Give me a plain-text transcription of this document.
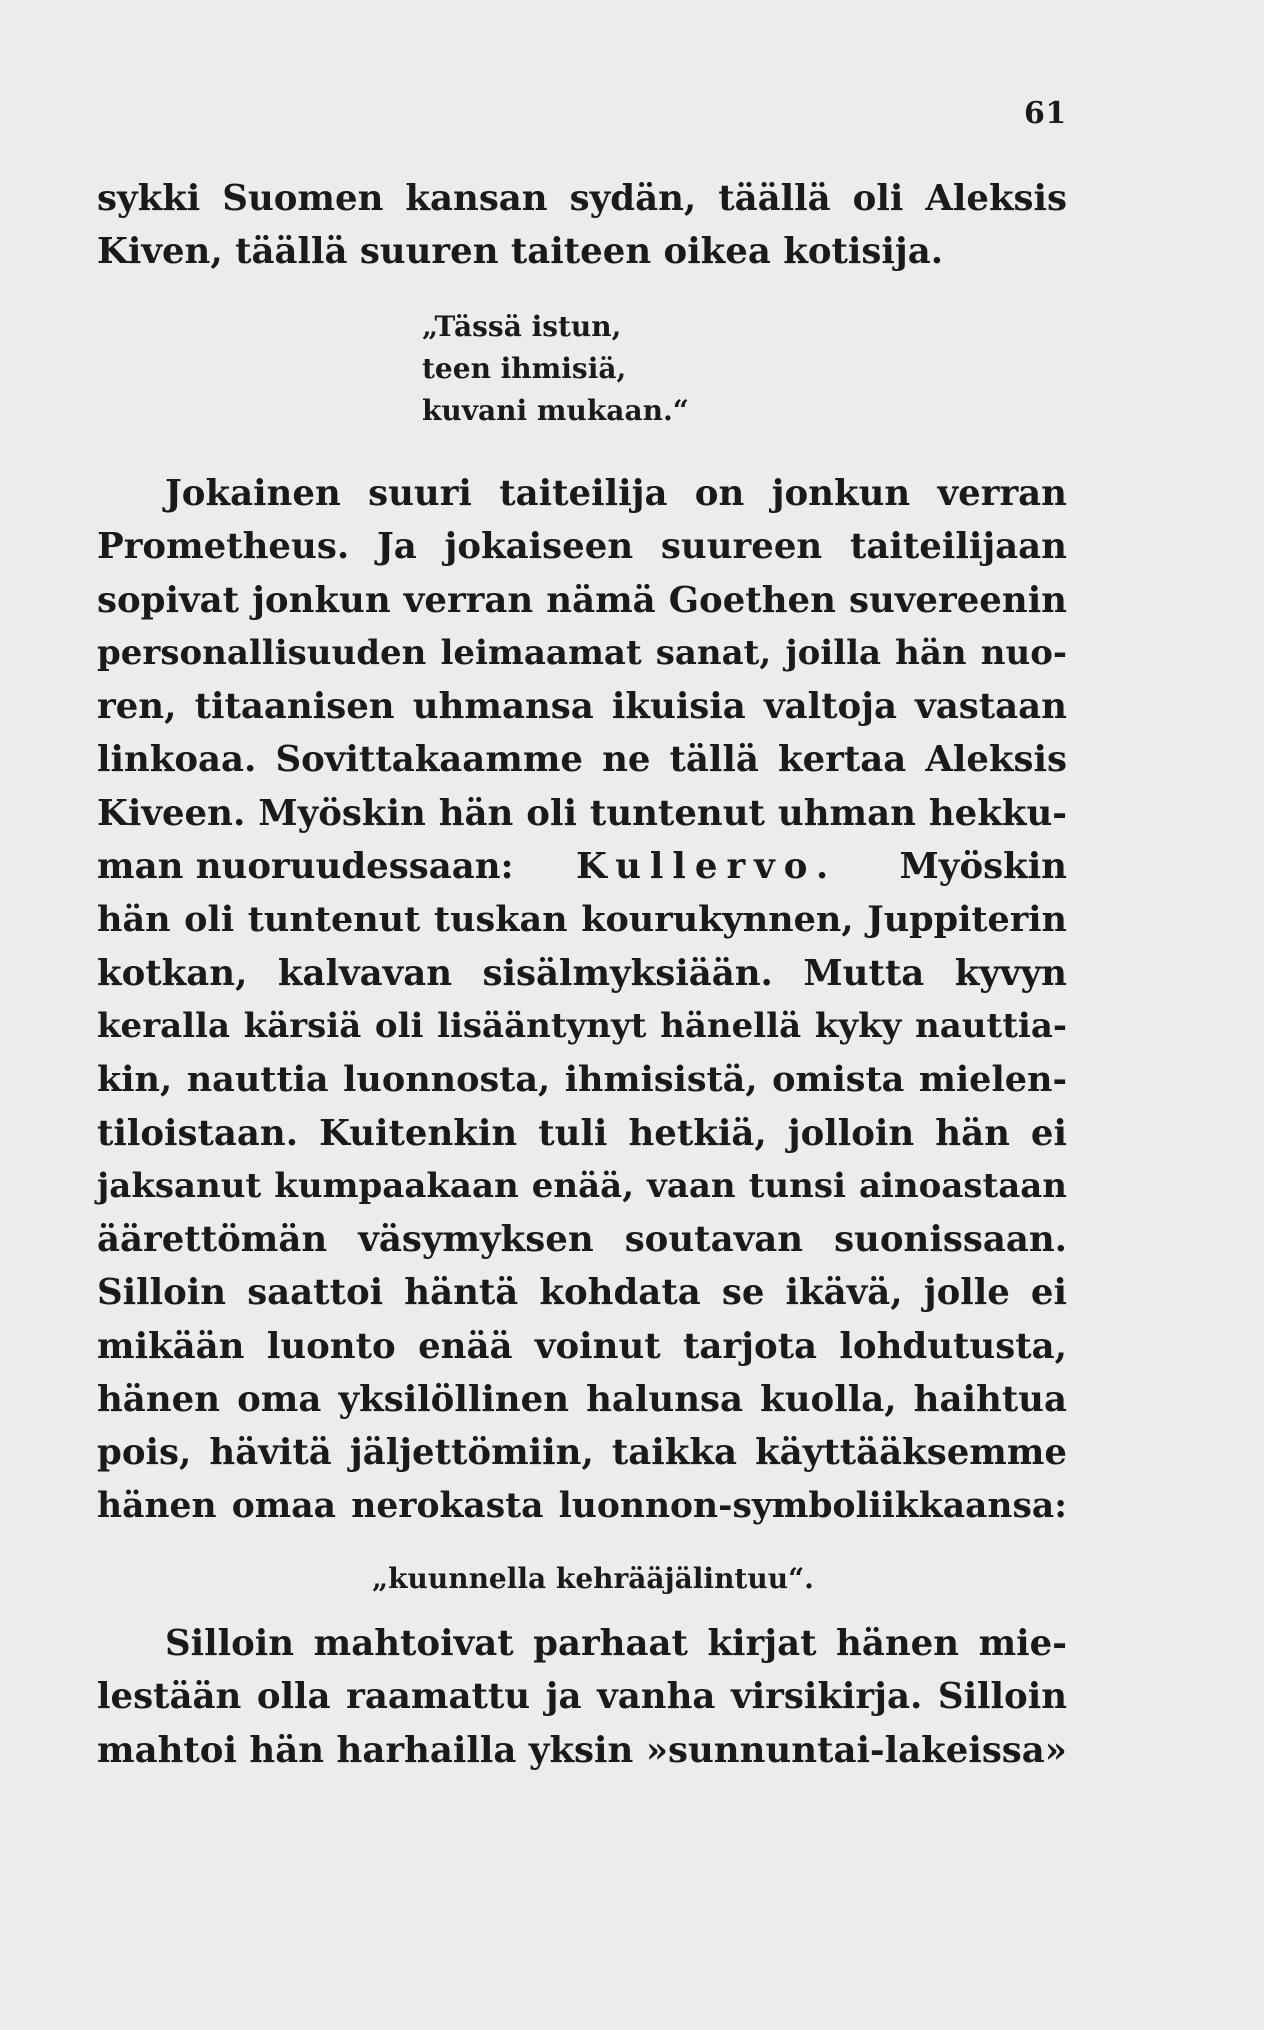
61
sykki Suomen kansan sydän, täällä oli Aleksis
Kiven, täällä suuren taiteen oikea kotisija.
„Tässä istun,
teen ihmisiä,
kuvani mukaan.“
Jokainen suuri taiteilija on jonkun verran
Prometheus. Ja jokaiseen suureen taiteilijaan
sopivat jonkun verran nämä Goethen suvereenin
personallisuuden leimaamat sanat, joilla hän nuo-
ren, titaanisen uhmansa ikuisia valtoja vastaan
linkoaa. Sovittakaamme ne tällä kertaa Aleksis
Kiveen. Myöskin hän oli tuntenut uhman hekku-
man nuoruudessaan: Kullervo. Myöskin
hän oli tuntenut tuskan kourukynnen, Juppiterin
kotkan, kalvavan sisälmyksiään. Mutta kyvyn
keralla kärsiä oli lisääntynyt hänellä kyky nauttia-
kin, nauttia luonnosta, ihmisistä, omista mielen-
tiloistaan. Kuitenkin tuli hetkiä, jolloin hän ei
jaksanut kumpaakaan enää, vaan tunsi ainoastaan
äärettömän väsymyksen soutavan suonissaan.
Silloin saattoi häntä kohdata se ikävä, jolle ei
mikään luonto enää voinut tarjota lohdutusta,
hänen oma yksilöllinen halunsa kuolla, haihtua
pois, hävitä jäljettömiin, taikka käyttääksemme
hänen omaa nerokasta luonnon-symboliikkaansa:
„kuunnella kehrääjälintuu“.
Silloin mahtoivat parhaat kirjat hänen mie-
lestään olla raamattu ja vanha virsikirja. Silloin
mahtoi hän harhailla yksin »sunnuntai-lakeissa»
